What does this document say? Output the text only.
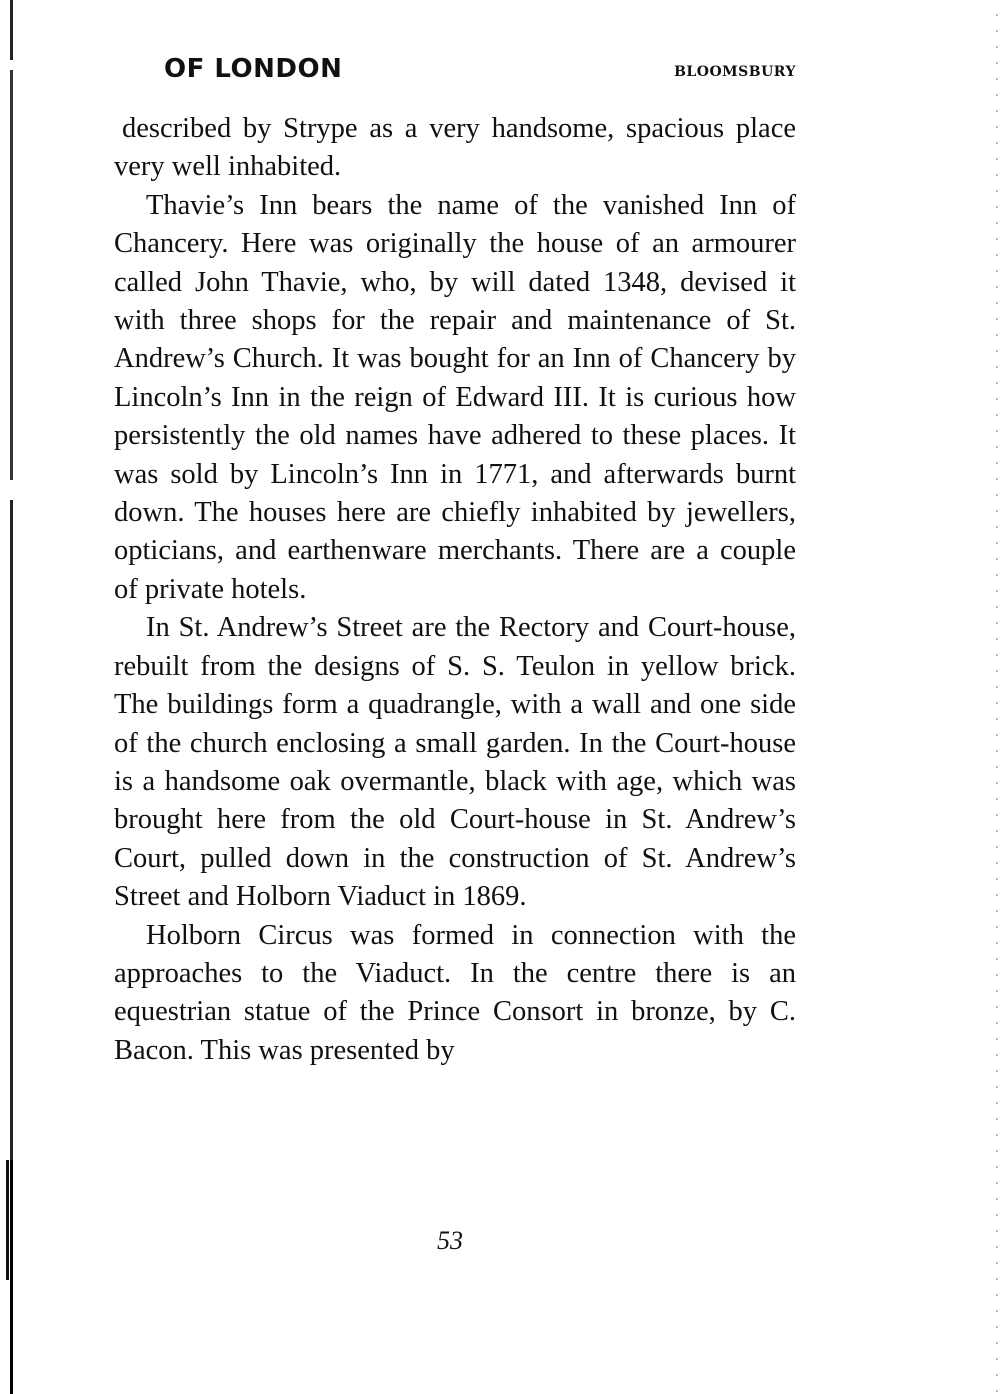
OF LONDON	BLOOMSBURY

described by Strype as a very handsome, spacious place very well inhabited.

Thavie’s Inn bears the name of the vanished Inn of Chancery. Here was originally the house of an armourer called John Thavie, who, by will dated 1348, devised it with three shops for the repair and maintenance of St. Andrew’s Church. It was bought for an Inn of Chancery by Lincoln’s Inn in the reign of Edward III. It is curious how persistently the old names have adhered to these places. It was sold by Lincoln’s Inn in 1771, and afterwards burnt down. The houses here are chiefly inhabited by jewellers, opticians, and earthenware merchants. There are a couple of private hotels.

In St. Andrew’s Street are the Rectory and Court-house, rebuilt from the designs of S. S. Teulon in yellow brick. The buildings form a quadrangle, with a wall and one side of the church enclosing a small garden. In the Court-house is a handsome oak overmantle, black with age, which was brought here from the old Court-house in St. Andrew’s Court, pulled down in the construction of St. Andrew’s Street and Holborn Viaduct in 1869.

Holborn Circus was formed in connection with the approaches to the Viaduct. In the centre there is an equestrian statue of the Prince Consort in bronze, by C. Bacon. This was presented by

53
